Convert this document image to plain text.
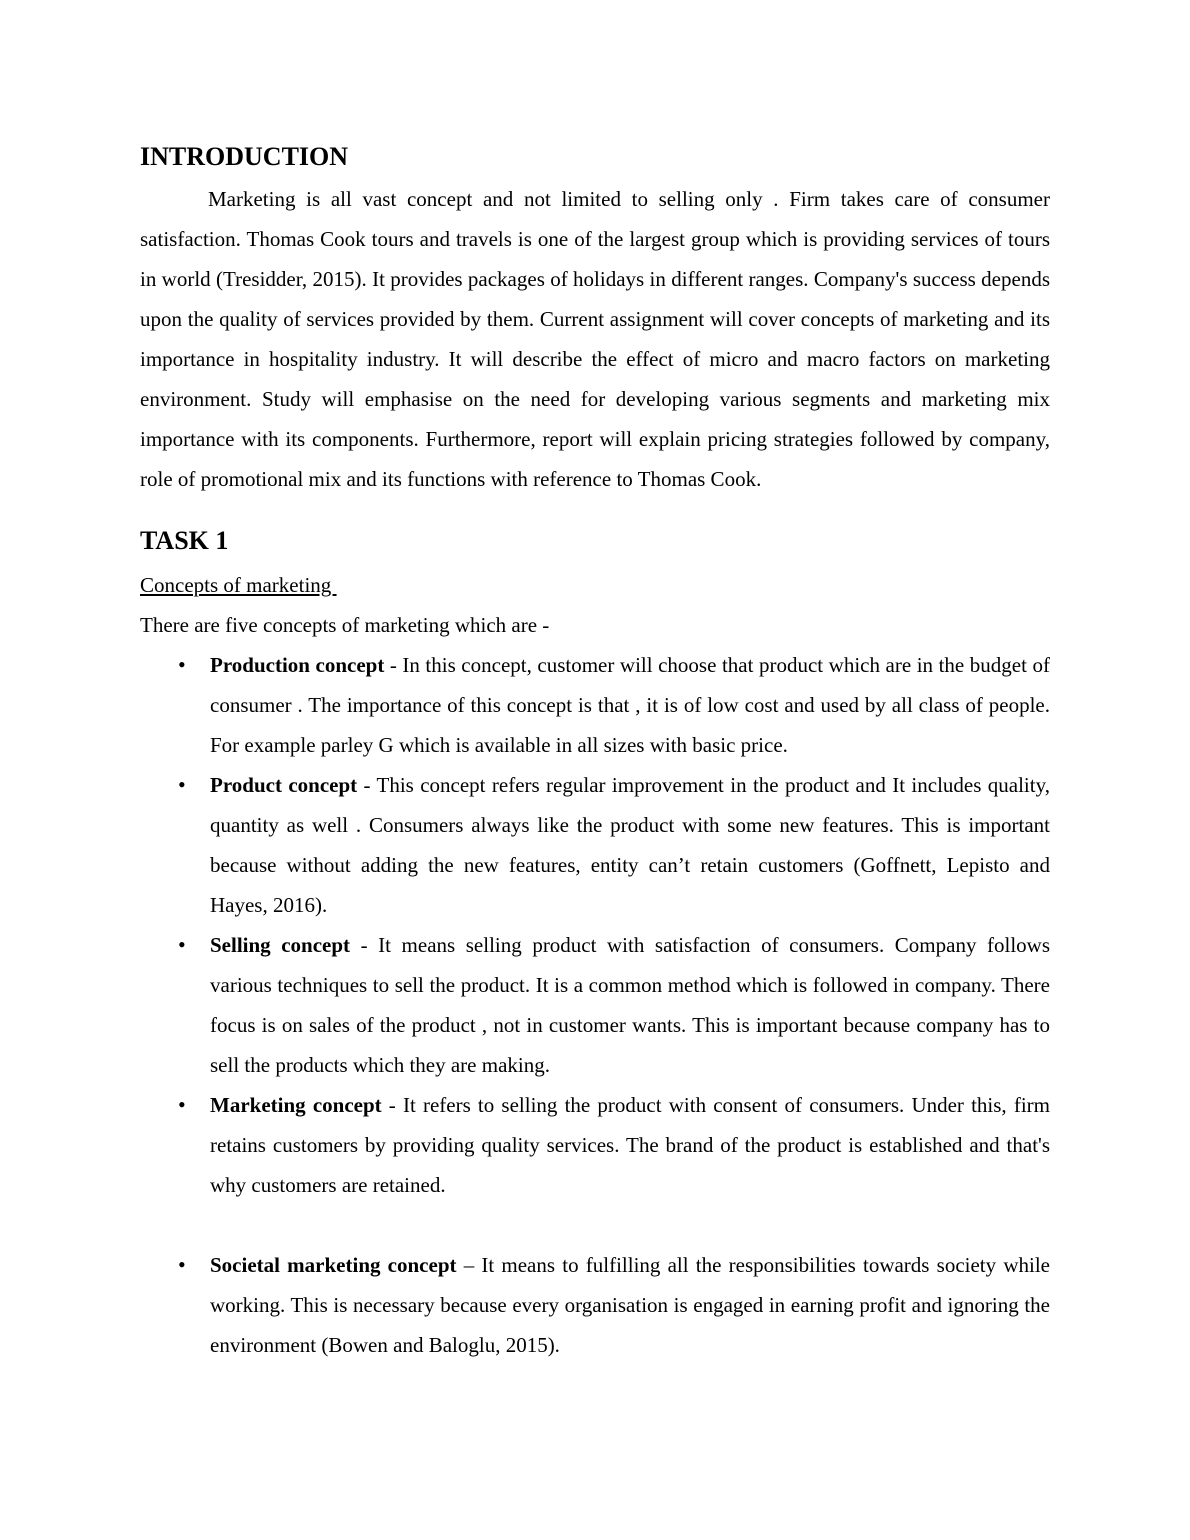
INTRODUCTION

Marketing is all vast concept and not limited to selling only . Firm takes care of consumer satisfaction. Thomas Cook tours and travels is one of the largest group which is providing services of tours in world (Tresidder, 2015). It provides packages of holidays in different ranges. Company's success depends upon the quality of services provided by them. Current assignment will cover concepts of marketing and its importance in hospitality industry. It will describe the effect of micro and macro factors on marketing environment. Study will emphasise on the need for developing various segments and marketing mix importance with its components. Furthermore, report will explain pricing strategies followed by company, role of promotional mix and its functions with reference to Thomas Cook.

TASK 1
Concepts of marketing
There are five concepts of marketing which are -
• Production concept - In this concept, customer will choose that product which are in the budget of consumer . The importance of this concept is that , it is of low cost and used by all class of people. For example parley G which is available in all sizes with basic price.
• Product concept - This concept refers regular improvement in the product and It includes quality, quantity as well . Consumers always like the product with some new features. This is important because without adding the new features, entity can’t retain customers (Goffnett, Lepisto and Hayes, 2016).
• Selling concept - It means selling product with satisfaction of consumers. Company follows various techniques to sell the product. It is a common method which is followed in company. There focus is on sales of the product , not in customer wants. This is important because company has to sell the products which they are making.
• Marketing concept - It refers to selling the product with consent of consumers. Under this, firm retains customers by providing quality services. The brand of the product is established and that's why customers are retained.
• Societal marketing concept – It means to fulfilling all the responsibilities towards society while working. This is necessary because every organisation is engaged in earning profit and ignoring the environment (Bowen and Baloglu, 2015).
